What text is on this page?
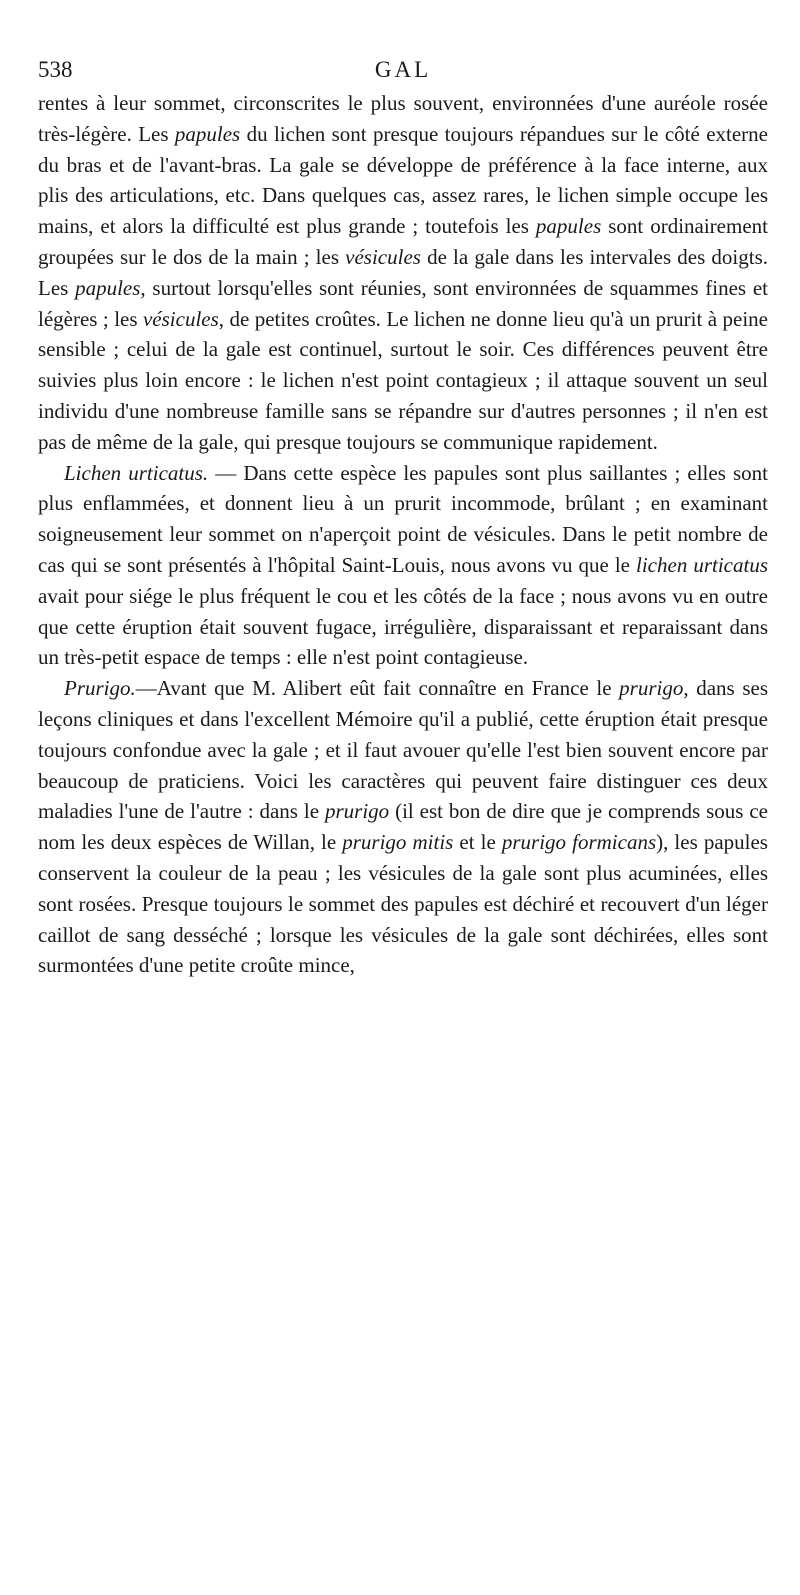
538	GAL

rentes à leur sommet, circonscrites le plus souvent, environnées d'une auréole rosée très-légère. Les papules du lichen sont presque toujours répandues sur le côté externe du bras et de l'avant-bras. La gale se développe de préférence à la face interne, aux plis des articulations, etc. Dans quelques cas, assez rares, le lichen simple occupe les mains, et alors la difficulté est plus grande ; toutefois les papules sont ordinairement groupées sur le dos de la main ; les vésicules de la gale dans les intervales des doigts. Les papules, surtout lorsqu'elles sont réunies, sont environnées de squammes fines et légères ; les vésicules, de petites croûtes. Le lichen ne donne lieu qu'à un prurit à peine sensible ; celui de la gale est continuel, surtout le soir. Ces différences peuvent être suivies plus loin encore : le lichen n'est point contagieux ; il attaque souvent un seul individu d'une nombreuse famille sans se répandre sur d'autres personnes ; il n'en est pas de même de la gale, qui presque toujours se communique rapidement.

Lichen urticatus. — Dans cette espèce les papules sont plus saillantes ; elles sont plus enflammées, et donnent lieu à un prurit incommode, brûlant ; en examinant soigneusement leur sommet on n'aperçoit point de vésicules. Dans le petit nombre de cas qui se sont présentés à l'hôpital Saint-Louis, nous avons vu que le lichen urticatus avait pour siége le plus fréquent le cou et les côtés de la face ; nous avons vu en outre que cette éruption était souvent fugace, irrégulière, disparaissant et reparaissant dans un très-petit espace de temps : elle n'est point contagieuse.

Prurigo.—Avant que M. Alibert eût fait connaître en France le prurigo, dans ses leçons cliniques et dans l'excellent Mémoire qu'il a publié, cette éruption était presque toujours confondue avec la gale ; et il faut avouer qu'elle l'est bien souvent encore par beaucoup de praticiens. Voici les caractères qui peuvent faire distinguer ces deux maladies l'une de l'autre : dans le prurigo (il est bon de dire que je comprends sous ce nom les deux espèces de Willan, le prurigo mitis et le prurigo formicans), les papules conservent la couleur de la peau ; les vésicules de la gale sont plus acuminées, elles sont rosées. Presque toujours le sommet des papules est déchiré et recouvert d'un léger caillot de sang desséché ; lorsque les vésicules de la gale sont déchirées, elles sont surmontées d'une petite croûte mince,
